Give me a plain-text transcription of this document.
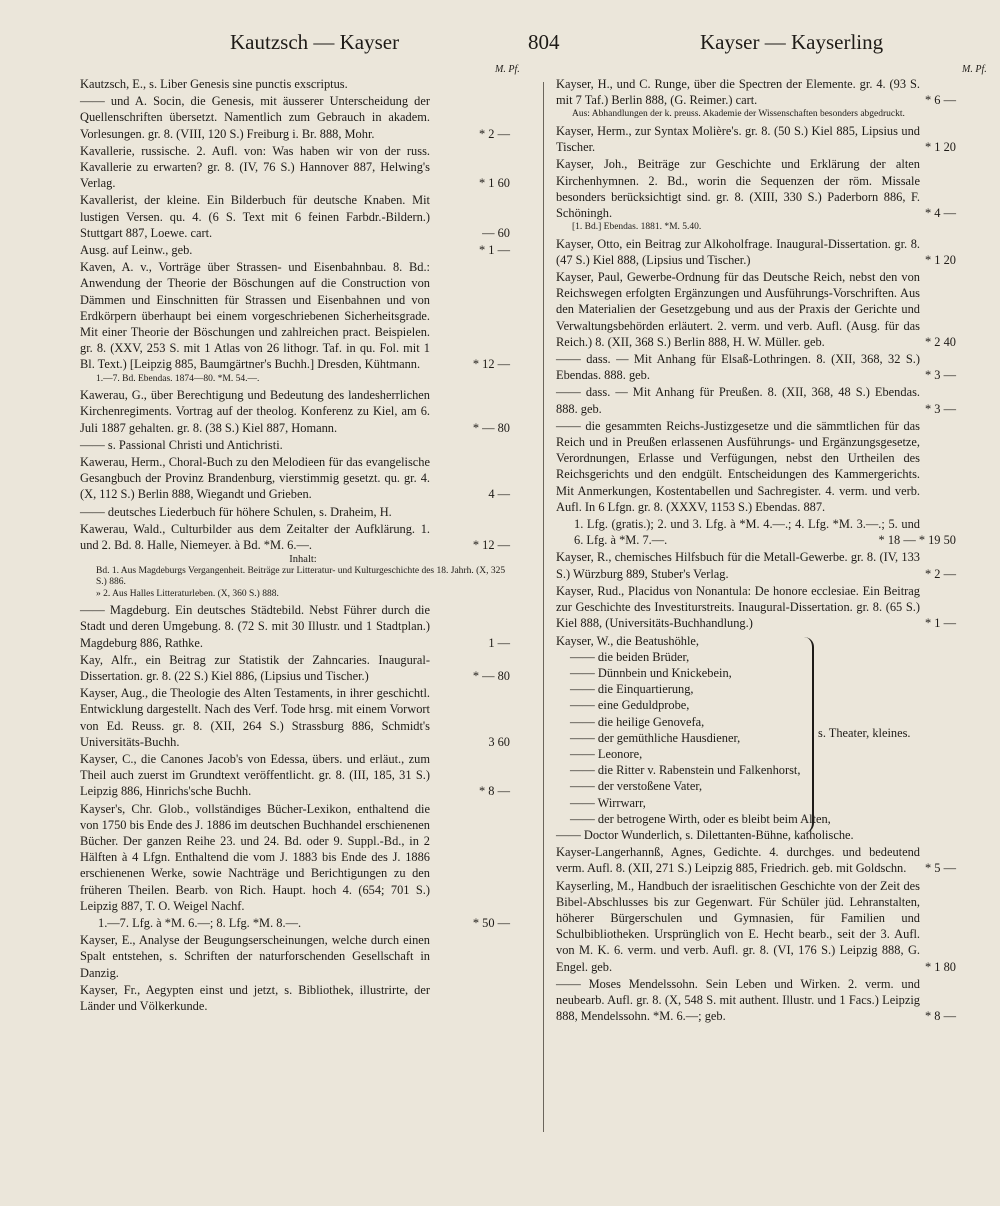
Kautzsch — Kayser	804	Kayser — Kayserling
M. Pf.	M. Pf.
Kautzsch, E., s. Liber Genesis sine punctis exscriptus.
—— und A. Socin, die Genesis, mit äusserer Unterscheidung der Quellenschriften übersetzt. Namentlich zum Gebrauch in akadem. Vorlesungen. gr. 8. (VIII, 120 S.) Freiburg i. Br. 888, Mohr.	* 2 —
Kavallerie, russische. 2. Aufl. von: Was haben wir von der russ. Kavallerie zu erwarten? gr. 8. (IV, 76 S.) Hannover 887, Helwing's Verlag.	* 1 60
Kavallerist, der kleine. Ein Bilderbuch für deutsche Knaben. Mit lustigen Versen. qu. 4. (6 S. Text mit 6 feinen Farbdr.-Bildern.) Stuttgart 887, Loewe. cart.	— 60
Ausg. auf Leinw., geb.	* 1 —
Kaven, A. v., Vorträge über Strassen- und Eisenbahnbau. 8. Bd.: Anwendung der Theorie der Böschungen auf die Construction von Dämmen und Einschnitten für Strassen und Eisenbahnen und von Erdkörpern überhaupt bei einem vorgeschriebenen Sicherheitsgrade. Mit einer Theorie der Böschungen und zahlreichen pract. Beispielen. gr. 8. (XXV, 253 S. mit 1 Atlas von 26 lithogr. Taf. in qu. Fol. mit 1 Bl. Text.) [Leipzig 885, Baumgärtner's Buchh.] Dresden, Kühtmann.	* 12 —
1.—7. Bd. Ebendas. 1874—80. *M. 54.—.
Kawerau, G., über Berechtigung und Bedeutung des landesherrlichen Kirchenregiments. Vortrag auf der theolog. Konferenz zu Kiel, am 6. Juli 1887 gehalten. gr. 8. (38 S.) Kiel 887, Homann.	* — 80
—— s. Passional Christi und Antichristi.
Kawerau, Herm., Choral-Buch zu den Melodieen für das evangelische Gesangbuch der Provinz Brandenburg, vierstimmig gesetzt. qu. gr. 4. (X, 112 S.) Berlin 888, Wiegandt und Grieben.	4 —
—— deutsches Liederbuch für höhere Schulen, s. Draheim, H.
Kawerau, Wald., Culturbilder aus dem Zeitalter der Aufklärung. 1. und 2. Bd. 8. Halle, Niemeyer. à Bd. *M. 6.—.	* 12 —
Inhalt:
Bd. 1. Aus Magdeburgs Vergangenheit. Beiträge zur Litteratur- und Kulturgeschichte des 18. Jahrh. (X, 325 S.) 886.
» 2. Aus Halles Litteraturleben. (X, 360 S.) 888.
—— Magdeburg. Ein deutsches Städtebild. Nebst Führer durch die Stadt und deren Umgebung. 8. (72 S. mit 30 Illustr. und 1 Stadtplan.) Magdeburg 886, Rathke.	1 —
Kay, Alfr., ein Beitrag zur Statistik der Zahncaries. Inaugural-Dissertation. gr. 8. (22 S.) Kiel 886, (Lipsius und Tischer.)	* — 80
Kayser, Aug., die Theologie des Alten Testaments, in ihrer geschichtl. Entwicklung dargestellt. Nach des Verf. Tode hrsg. mit einem Vorwort von Ed. Reuss. gr. 8. (XII, 264 S.) Strassburg 886, Schmidt's Universitäts-Buchh.	3 60
Kayser, C., die Canones Jacob's von Edessa, übers. und erläut., zum Theil auch zuerst im Grundtext veröffentlicht. gr. 8. (III, 185, 31 S.) Leipzig 886, Hinrichs'sche Buchh.	* 8 —
Kayser's, Chr. Glob., vollständiges Bücher-Lexikon, enthaltend die von 1750 bis Ende des J. 1886 im deutschen Buchhandel erschienenen Bücher. Der ganzen Reihe 23. und 24. Bd. oder 9. Suppl.-Bd., in 2 Hälften à 4 Lfgn. Enthaltend die vom J. 1883 bis Ende des J. 1886 erschienenen Werke, sowie Nachträge und Berichtigungen zu den früheren Theilen. Bearb. von Rich. Haupt. hoch 4. (654; 701 S.) Leipzig 887, T. O. Weigel Nachf.
1.—7. Lfg. à *M. 6.—; 8. Lfg. *M. 8.—.	* 50 —
Kayser, E., Analyse der Beugungserscheinungen, welche durch einen Spalt entstehen, s. Schriften der naturforschenden Gesellschaft in Danzig.
Kayser, Fr., Aegypten einst und jetzt, s. Bibliothek, illustrirte, der Länder und Völkerkunde.
Kayser, H., und C. Runge, über die Spectren der Elemente. gr. 4. (93 S. mit 7 Taf.) Berlin 888, (G. Reimer.) cart.	* 6 —
Aus: Abhandlungen der k. preuss. Akademie der Wissenschaften besonders abgedruckt.
Kayser, Herm., zur Syntax Molière's. gr. 8. (50 S.) Kiel 885, Lipsius und Tischer.	* 1 20
Kayser, Joh., Beiträge zur Geschichte und Erklärung der alten Kirchenhymnen. 2. Bd., worin die Sequenzen der röm. Missale besonders berücksichtigt sind. gr. 8. (XIII, 330 S.) Paderborn 886, F. Schöningh.	* 4 —
[1. Bd.] Ebendas. 1881. *M. 5.40.
Kayser, Otto, ein Beitrag zur Alkoholfrage. Inaugural-Dissertation. gr. 8. (47 S.) Kiel 888, (Lipsius und Tischer.)	* 1 20
Kayser, Paul, Gewerbe-Ordnung für das Deutsche Reich, nebst den von Reichswegen erfolgten Ergänzungen und Ausführungs-Vorschriften. Aus den Materialien der Gesetzgebung und aus der Praxis der Gerichte und Verwaltungsbehörden erläutert. 2. verm. und verb. Aufl. (Ausg. für das Reich.) 8. (XII, 368 S.) Berlin 888, H. W. Müller. geb.	* 2 40
—— dass. — Mit Anhang für Elsaß-Lothringen. 8. (XII, 368, 32 S.) Ebendas. 888. geb.	* 3 —
—— dass. — Mit Anhang für Preußen. 8. (XII, 368, 48 S.) Ebendas. 888. geb.	* 3 —
—— die gesammten Reichs-Justizgesetze und die sämmtlichen für das Reich und in Preußen erlassenen Ausführungs- und Ergänzungsgesetze, Verordnungen, Erlasse und Verfügungen, nebst den Urtheilen des Reichsgerichts und den endgült. Entscheidungen des Kammergerichts. Mit Anmerkungen, Kostentabellen und Sachregister. 4. verm. und verb. Aufl. In 6 Lfgn. gr. 8. (XXXV, 1153 S.) Ebendas. 887.
1. Lfg. (gratis.); 2. und 3. Lfg. à *M. 4.—.; 4. Lfg. *M. 3.—.; 5. und 6. Lfg. à *M. 7.—.	* 18 — * 19 50
Kayser, R., chemisches Hilfsbuch für die Metall-Gewerbe. gr. 8. (IV, 133 S.) Würzburg 889, Stuber's Verlag.	* 2 —
Kayser, Rud., Placidus von Nonantula: De honore ecclesiae. Ein Beitrag zur Geschichte des Investiturstreits. Inaugural-Dissertation. gr. 8. (65 S.) Kiel 888, (Universitäts-Buchhandlung.)	* 1 —
Kayser, W., die Beatushöhle,
—— die beiden Brüder,
—— Dünnbein und Knickebein,
—— die Einquartierung,
—— eine Geduldprobe,
—— die heilige Genovefa,
—— der gemüthliche Hausdiener,
—— Leonore,
—— die Ritter v. Rabenstein und Falkenhorst,
—— der verstoßene Vater,
—— Wirrwarr,
—— der betrogene Wirth, oder es bleibt beim Alten,
s. Theater, kleines.
—— Doctor Wunderlich, s. Dilettanten-Bühne, katholische.
Kayser-Langerhannß, Agnes, Gedichte. 4. durchges. und bedeutend verm. Aufl. 8. (XII, 271 S.) Leipzig 885, Friedrich. geb. mit Goldschn.	* 5 —
Kayserling, M., Handbuch der israelitischen Geschichte von der Zeit des Bibel-Abschlusses bis zur Gegenwart. Für Schüler jüd. Lehranstalten, höherer Bürgerschulen und Gymnasien, für Familien und Schulbibliotheken. Ursprünglich von E. Hecht bearb., seit der 3. Aufl. von M. K. 6. verm. und verb. Aufl. gr. 8. (VI, 176 S.) Leipzig 888, G. Engel. geb.	* 1 80
—— Moses Mendelssohn. Sein Leben und Wirken. 2. verm. und neubearb. Aufl. gr. 8. (X, 548 S. mit authent. Illustr. und 1 Facs.) Leipzig 888, Mendelssohn. *M. 6.—; geb.	* 8 —
